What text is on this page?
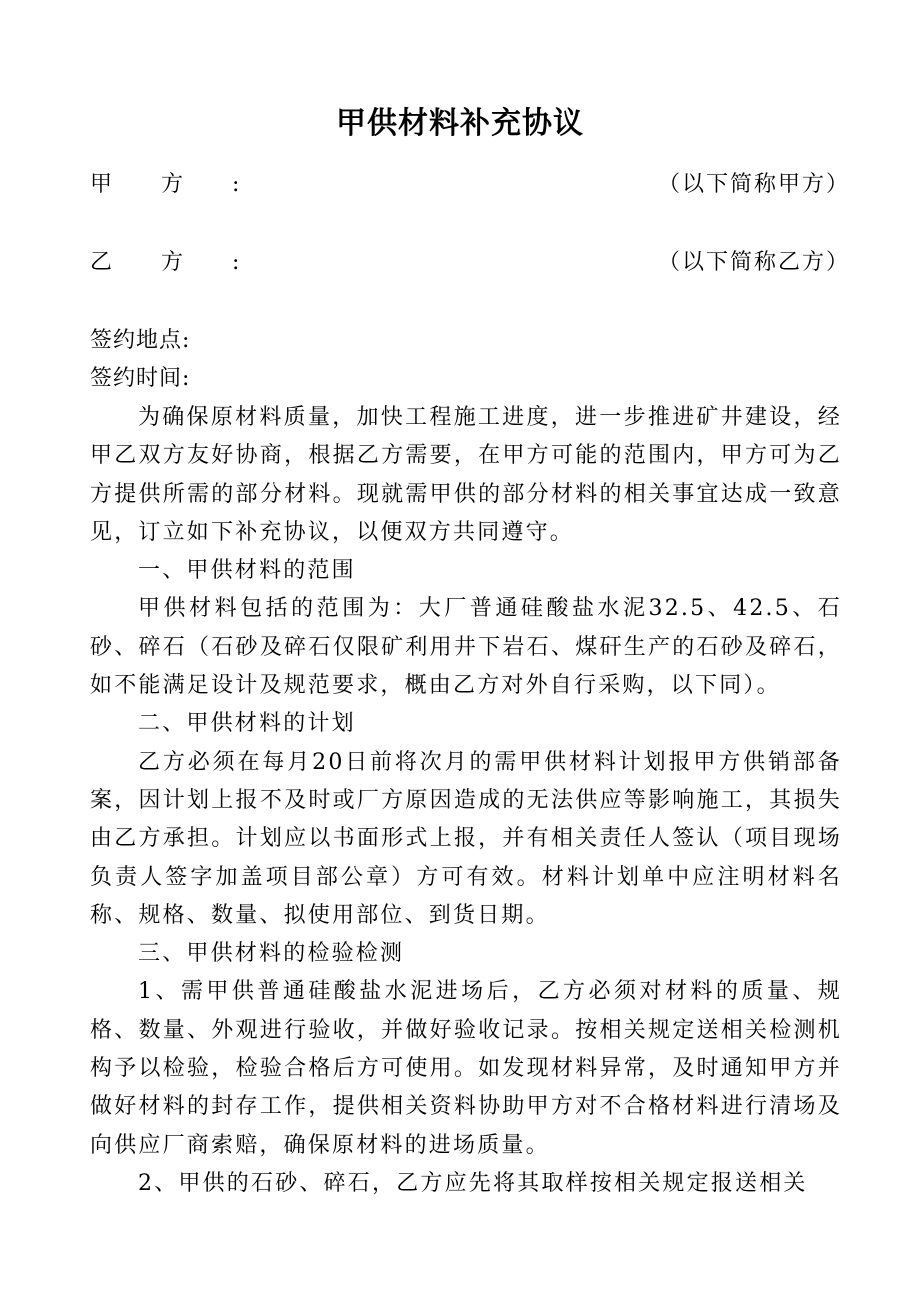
甲供材料补充协议
甲方:	（以下简称甲方）
乙方:	（以下简称乙方）
签约地点:
签约时间:

为确保原材料质量，加快工程施工进度，进一步推进矿井建设，经甲乙双方友好协商，根据乙方需要，在甲方可能的范围内，甲方可为乙方提供所需的部分材料。现就需甲供的部分材料的相关事宜达成一致意见，订立如下补充协议，以便双方共同遵守。

一、甲供材料的范围

甲供材料包括的范围为：大厂普通硅酸盐水泥32.5、42.5、石砂、碎石（石砂及碎石仅限矿利用井下岩石、煤矸生产的石砂及碎石，如不能满足设计及规范要求，概由乙方对外自行采购，以下同）。

二、甲供材料的计划

乙方必须在每月20日前将次月的需甲供材料计划报甲方供销部备案，因计划上报不及时或厂方原因造成的无法供应等影响施工，其损失由乙方承担。计划应以书面形式上报，并有相关责任人签认（项目现场负责人签字加盖项目部公章）方可有效。材料计划单中应注明材料名称、规格、数量、拟使用部位、到货日期。

三、甲供材料的检验检测

1、需甲供普通硅酸盐水泥进场后，乙方必须对材料的质量、规格、数量、外观进行验收，并做好验收记录。按相关规定送相关检测机构予以检验，检验合格后方可使用。如发现材料异常，及时通知甲方并做好材料的封存工作，提供相关资料协助甲方对不合格材料进行清场及向供应厂商索赔，确保原材料的进场质量。

2、甲供的石砂、碎石，乙方应先将其取样按相关规定报送相关
